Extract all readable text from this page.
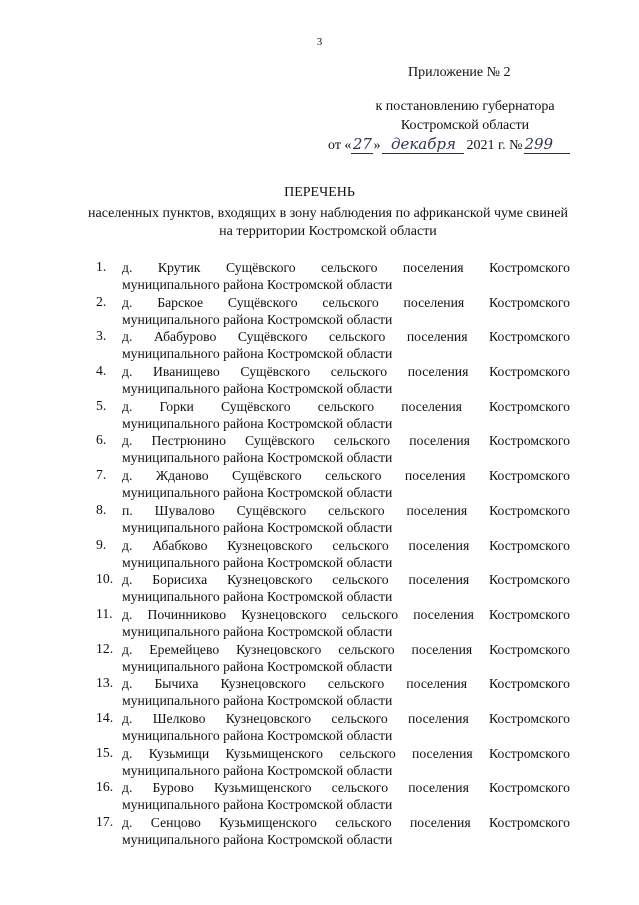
3
Приложение № 2
к постановлению губернатора
Костромской области
от «27» декабря 2021 г. № 299
ПЕРЕЧЕНЬ
населенных пунктов, входящих в зону наблюдения по африканской чуме свиней на территории Костромской области
1.	д. Крутик Сущёвского сельского поселения Костромского
муниципального района Костромской области
2.	д. Барское Сущёвского сельского поселения Костромского
муниципального района Костромской области
3.	д. Абабурово Сущёвского сельского поселения Костромского
муниципального района Костромской области
4.	д. Иванищево Сущёвского сельского поселения Костромского
муниципального района Костромской области
5.	д. Горки Сущёвского сельского поселения Костромского
муниципального района Костромской области
6.	д. Пестрюнино Сущёвского сельского поселения Костромского
муниципального района Костромской области
7.	д. Жданово Сущёвского сельского поселения Костромского
муниципального района Костромской области
8.	п. Шувалово Сущёвского сельского поселения Костромского
муниципального района Костромской области
9.	д. Абабково Кузнецовского сельского поселения Костромского
муниципального района Костромской области
10. д. Борисиха Кузнецовского сельского поселения Костромского
муниципального района Костромской области
11. д. Починниково Кузнецовского сельского поселения Костромского
муниципального района Костромской области
12. д. Еремейцево Кузнецовского сельского поселения Костромского
муниципального района Костромской области
13. д. Бычиха Кузнецовского сельского поселения Костромского
муниципального района Костромской области
14. д. Шелково Кузнецовского сельского поселения Костромского
муниципального района Костромской области
15. д. Кузьмищи Кузьмищенского сельского поселения Костромского
муниципального района Костромской области
16. д. Бурово Кузьмищенского сельского поселения Костромского
муниципального района Костромской области
17. д. Сенцово Кузьмищенского сельского поселения Костромского
муниципального района Костромской области
